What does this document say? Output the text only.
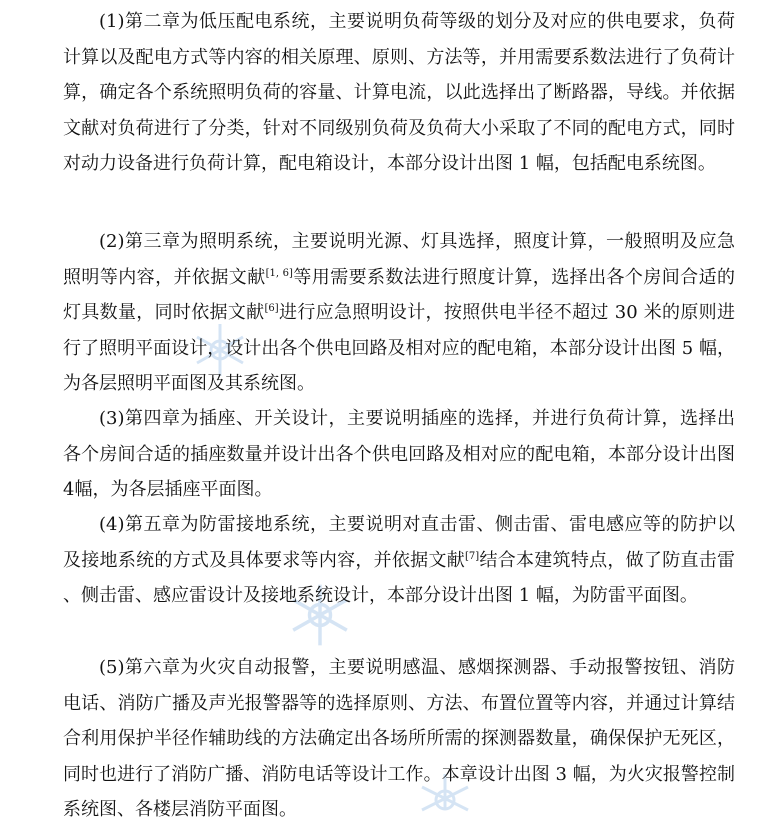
(1)第二章为低压配电系统，主要说明负荷等级的划分及对应的供电要求，负荷计算以及配电方式等内容的相关原理、原则、方法等，并用需要系数法进行了负荷计算，确定各个系统照明负荷的容量、计算电流，以此选择出了断路器，导线。并依据文献对负荷进行了分类，针对不同级别负荷及负荷大小采取了不同的配电方式，同时对动力设备进行负荷计算，配电箱设计，本部分设计出图 1 幅，包括配电系统图。

(2)第三章为照明系统，主要说明光源、灯具选择，照度计算，一般照明及应急照明等内容，并依据文献[1, 6]等用需要系数法进行照度计算，选择出各个房间合适的灯具数量，同时依据文献[6]进行应急照明设计，按照供电半径不超过 30 米的原则进行了照明平面设计，设计出各个供电回路及相对应的配电箱，本部分设计出图 5 幅，为各层照明平面图及其系统图。

(3)第四章为插座、开关设计，主要说明插座的选择，并进行负荷计算，选择出各个房间合适的插座数量并设计出各个供电回路及相对应的配电箱，本部分设计出图4幅，为各层插座平面图。

(4)第五章为防雷接地系统，主要说明对直击雷、侧击雷、雷电感应等的防护以及接地系统的方式及具体要求等内容，并依据文献[7]结合本建筑特点，做了防直击雷 、侧击雷、感应雷设计及接地系统设计，本部分设计出图 1 幅，为防雷平面图。

(5)第六章为火灾自动报警，主要说明感温、感烟探测器、手动报警按钮、消防电话、消防广播及声光报警器等的选择原则、方法、布置位置等内容，并通过计算结合利用保护半径作辅助线的方法确定出各场所所需的探测器数量，确保保护无死区，同时也进行了消防广播、消防电话等设计工作。本章设计出图 3 幅，为火灾报警控制系统图、各楼层消防平面图。
